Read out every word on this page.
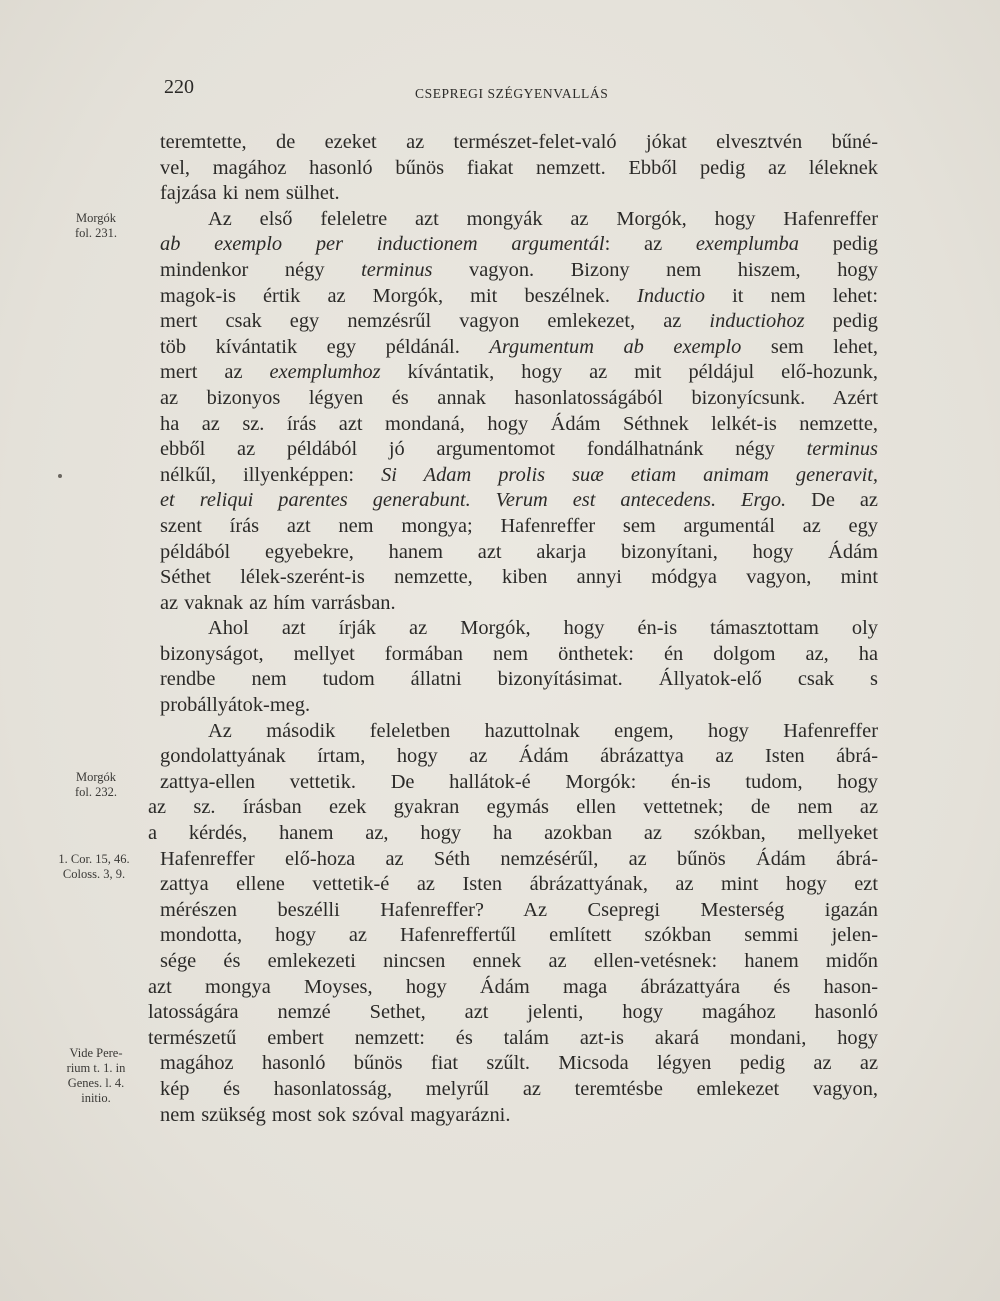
220	CSEPREGI SZÉGYENVALLÁS
Morgók
fol. 231.
Morgók
fol. 232.
1. Cor. 15, 46.
Coloss. 3, 9.
Vide Pere-
rium t. 1. in
Genes. l. 4.
initio.
teremtette, de ezeket az természet-felet-való jókat elvesztvén bűné-
vel, magához hasonló bűnös fiakat nemzett. Ebből pedig az léleknek
fajzása ki nem sülhet.
Az első feleletre azt mongyák az Morgók, hogy Hafenreffer
ab exemplo per inductionem argumentál: az exemplumba pedig
mindenkor négy terminus vagyon. Bizony nem hiszem, hogy
magok-is értik az Morgók, mit beszélnek. Inductio it nem lehet:
mert csak egy nemzésrűl vagyon emlekezet, az inductiohoz pedig
töb kívántatik egy példánál. Argumentum ab exemplo sem lehet,
mert az exemplumhoz kívántatik, hogy az mit példájul elő-hozunk,
az bizonyos légyen és annak hasonlatosságából bizonyícsunk. Azért
ha az sz. írás azt mondaná, hogy Ádám Séthnek lelkét-is nemzette,
ebből az példából jó argumentomot fondálhatnánk négy terminus
nélkűl, illyenképpen: Si Adam prolis suæ etiam animam generavit,
et reliqui parentes generabunt. Verum est antecedens. Ergo. De az
szent írás azt nem mongya; Hafenreffer sem argumentál az egy
példából egyebekre, hanem azt akarja bizonyítani, hogy Ádám
Séthet lélek-szerént-is nemzette, kiben annyi módgya vagyon, mint
az vaknak az hím varrásban.
Ahol azt írják az Morgók, hogy én-is támasztottam oly
bizonyságot, mellyet formában nem önthetek: én dolgom az, ha
rendbe nem tudom állatni bizonyításimat. Állyatok-elő csak s
probállyátok-meg.
Az második feleletben hazuttolnak engem, hogy Hafenreffer
gondolattyának írtam, hogy az Ádám ábrázattya az Isten ábrá-
zattya-ellen vettetik. De hallátok-é Morgók: én-is tudom, hogy
az sz. írásban ezek gyakran egymás ellen vettetnek; de nem az
a kérdés, hanem az, hogy ha azokban az szókban, mellyeket
Hafenreffer elő-hoza az Séth nemzésérűl, az bűnös Ádám ábrá-
zattya ellene vettetik-é az Isten ábrázattyának, az mint hogy ezt
mérészen beszélli Hafenreffer? Az Csepregi Mesterség igazán
mondotta, hogy az Hafenreffertűl említett szókban semmi jelen-
sége és emlekezeti nincsen ennek az ellen-vetésnek: hanem midőn
azt mongya Moyses, hogy Ádám maga ábrázattyára és hason-
latosságára nemzé Sethet, azt jelenti, hogy magához hasonló
természetű embert nemzett: és talám azt-is akará mondani, hogy
magához hasonló bűnös fiat szűlt. Micsoda légyen pedig az az
kép és hasonlatosság, melyrűl az teremtésbe emlekezet vagyon,
nem szükség most sok szóval magyarázni.
